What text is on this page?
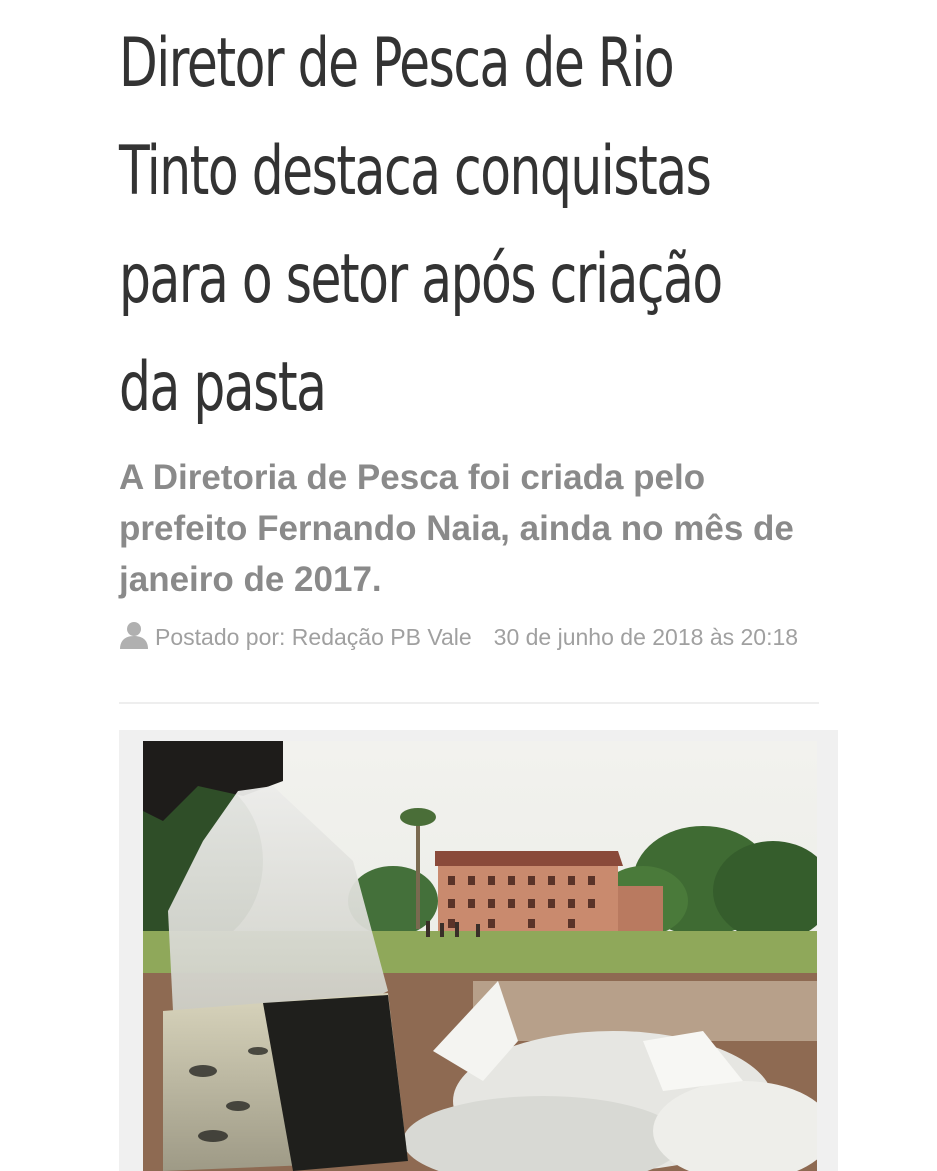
Diretor de Pesca de Rio
Tinto destaca conquistas
para o setor após criação
da pasta

A Diretoria de Pesca foi criada pelo prefeito Fernando Naia, ainda no mês de janeiro de 2017.

Postado por: Redação PB Vale 30 de junho de 2018 às 20:18
